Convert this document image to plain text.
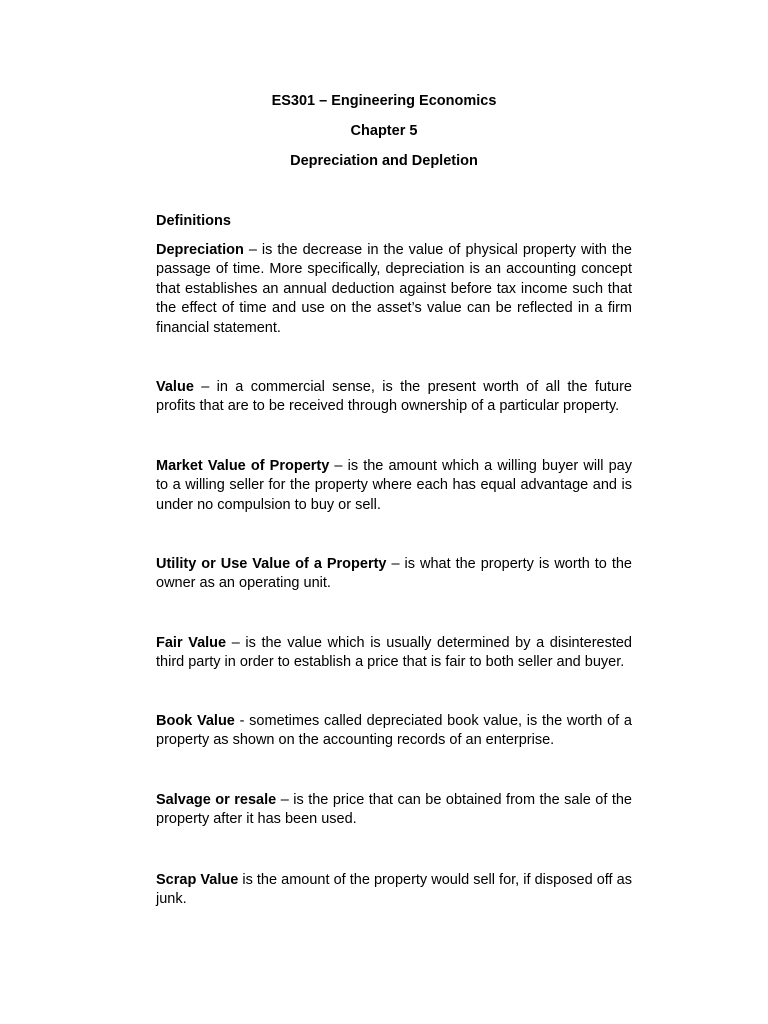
ES301 – Engineering Economics

Chapter 5

Depreciation and Depletion

Definitions

Depreciation – is the decrease in the value of physical property with the passage of time. More specifically, depreciation is an accounting concept that establishes an annual deduction against before tax income such that the effect of time and use on the asset’s value can be reflected in a firm financial statement.

Value – in a commercial sense, is the present worth of all the future profits that are to be received through ownership of a particular property.

Market Value of Property – is the amount which a willing buyer will pay to a willing seller for the property where each has equal advantage and is under no compulsion to buy or sell.

Utility or Use Value of a Property – is what the property is worth to the owner as an operating unit.

Fair Value – is the value which is usually determined by a disinterested third party in order to establish a price that is fair to both seller and buyer.

Book Value - sometimes called depreciated book value, is the worth of a property as shown on the accounting records of an enterprise.

Salvage or resale – is the price that can be obtained from the sale of the property after it has been used.

Scrap Value is the amount of the property would sell for, if disposed off as junk.
